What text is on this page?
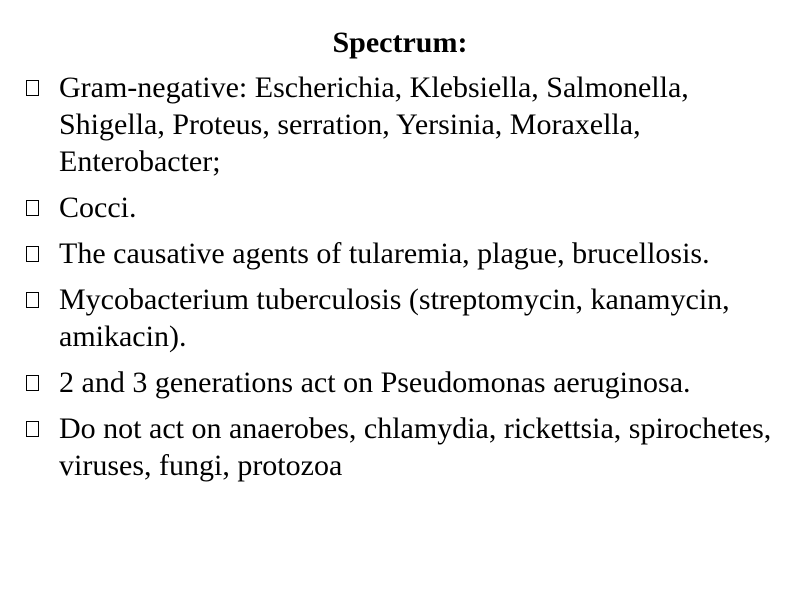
Spectrum:
Gram-negative: Escherichia, Klebsiella, Salmonella, Shigella, Proteus, serration, Yersinia, Moraxella, Enterobacter;
Cocci.
The causative agents of tularemia, plague, brucellosis.
Mycobacterium tuberculosis (streptomycin, kanamycin, amikacin).
2 and 3 generations act on Pseudomonas aeruginosa.
Do not act on anaerobes, chlamydia, rickettsia, spirochetes, viruses, fungi, protozoa
